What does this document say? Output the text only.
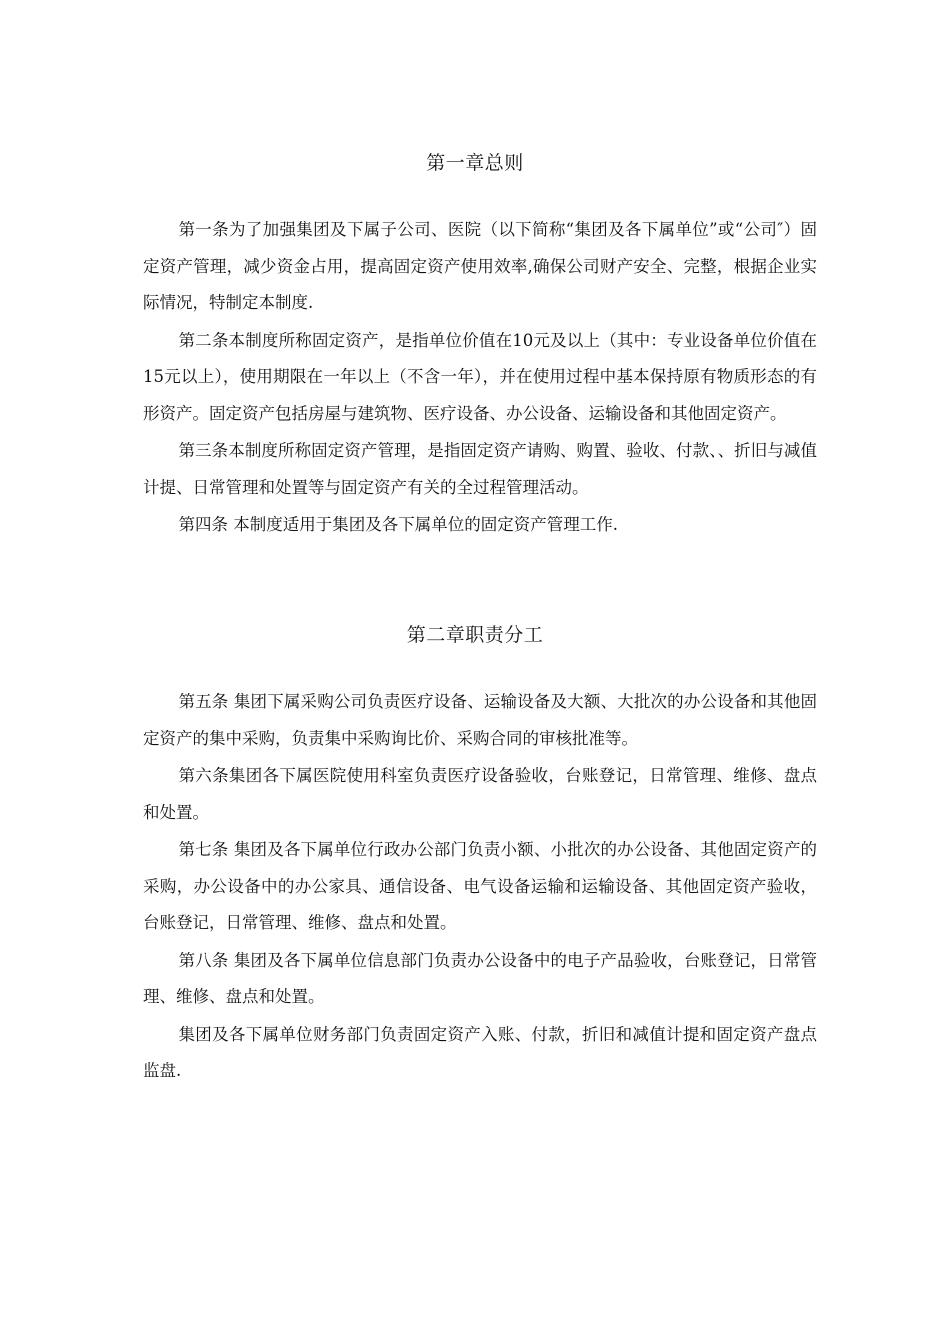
第一章总则

第一条为了加强集团及下属子公司、医院（以下简称“集团及各下属单位”或“公司″）固定资产管理，减少资金占用，提高固定资产使用效率,确保公司财产安全、完整，根据企业实际情况，特制定本制度.

第二条本制度所称固定资产，是指单位价值在10元及以上（其中：专业设备单位价值在15元以上），使用期限在一年以上（不含一年），并在使用过程中基本保持原有物质形态的有形资产。固定资产包括房屋与建筑物、医疗设备、办公设备、运输设备和其他固定资产。

第三条本制度所称固定资产管理，是指固定资产请购、购置、验收、付款、、折旧与减值计提、日常管理和处置等与固定资产有关的全过程管理活动。

第四条 本制度适用于集团及各下属单位的固定资产管理工作.

第二章职责分工

第五条 集团下属采购公司负责医疗设备、运输设备及大额、大批次的办公设备和其他固定资产的集中采购，负责集中采购询比价、采购合同的审核批准等。

第六条集团各下属医院使用科室负责医疗设备验收，台账登记，日常管理、维修、盘点和处置。

第七条 集团及各下属单位行政办公部门负责小额、小批次的办公设备、其他固定资产的采购，办公设备中的办公家具、通信设备、电气设备运输和运输设备、其他固定资产验收，台账登记，日常管理、维修、盘点和处置。

第八条 集团及各下属单位信息部门负责办公设备中的电子产品验收，台账登记，日常管理、维修、盘点和处置。

集团及各下属单位财务部门负责固定资产入账、付款，折旧和减值计提和固定资产盘点监盘.
